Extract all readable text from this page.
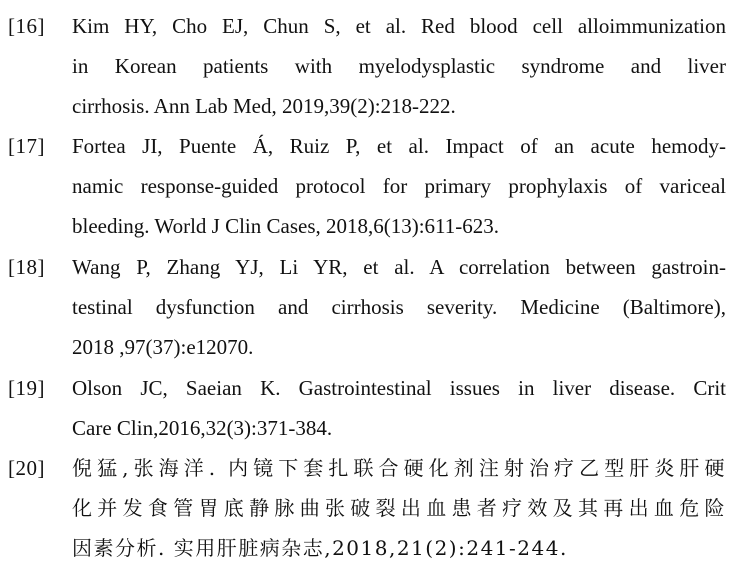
[16] Kim HY, Cho EJ, Chun S, et al. Red blood cell alloimmunization
in Korean patients with myelodysplastic syndrome and liver
cirrhosis. Ann Lab Med, 2019,39(2):218-222.
[17] Fortea JI, Puente Á, Ruiz P, et al. Impact of an acute hemody-
namic response-guided protocol for primary prophylaxis of variceal
bleeding. World J Clin Cases, 2018,6(13):611-623.
[18] Wang P, Zhang YJ, Li YR, et al. A correlation between gastroin-
testinal dysfunction and cirrhosis severity. Medicine (Baltimore),
2018 ,97(37):e12070.
[19] Olson JC, Saeian K. Gastrointestinal issues in liver disease. Crit
Care Clin,2016,32(3):371-384.
[20] 倪猛,张海洋. 内镜下套扎联合硬化剂注射治疗乙型肝炎肝硬
化并发食管胃底静脉曲张破裂出血患者疗效及其再出血危险
因素分析. 实用肝脏病杂志,2018,21(2):241-244.
